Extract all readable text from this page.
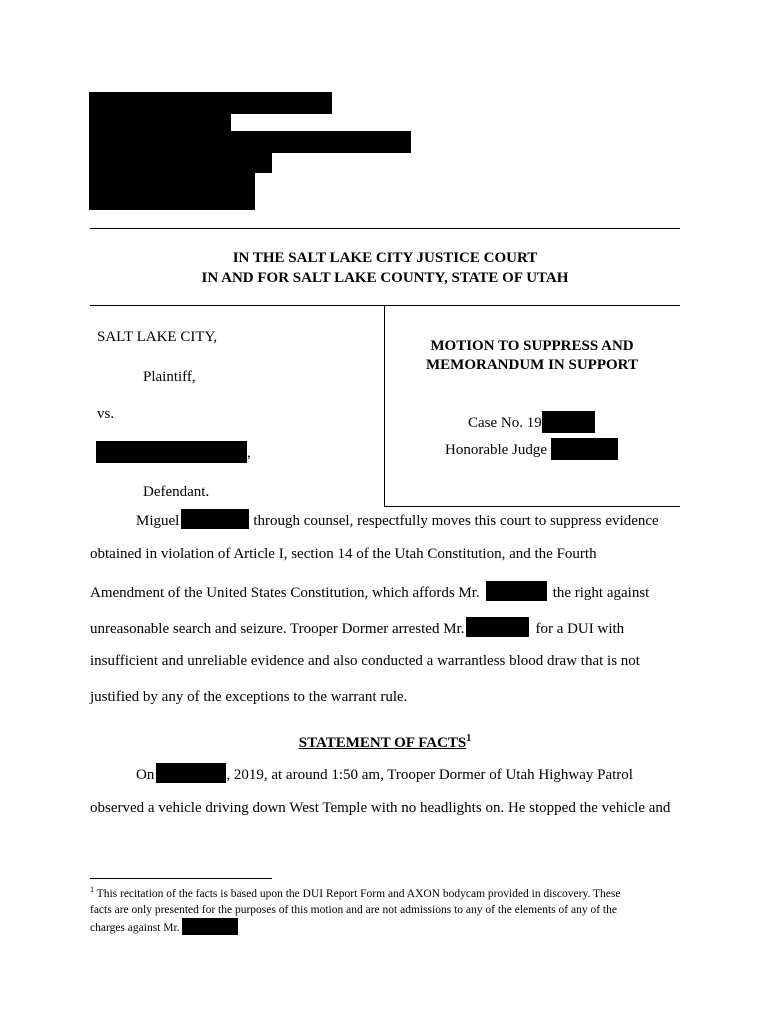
IN THE SALT LAKE CITY JUSTICE COURT
IN AND FOR SALT LAKE COUNTY, STATE OF UTAH
SALT LAKE CITY,
Plaintiff,
vs.
,
Defendant.
MOTION TO SUPPRESS AND
MEMORANDUM IN SUPPORT
Case No. 19
Honorable Judge
Miguel	through counsel, respectfully moves this court to suppress evidence
obtained in violation of Article I, section 14 of the Utah Constitution, and the Fourth
Amendment of the United States Constitution, which affords Mr.	the right against
unreasonable search and seizure. Trooper Dormer arrested Mr.	for a DUI with
insufficient and unreliable evidence and also conducted a warrantless blood draw that is not
justified by any of the exceptions to the warrant rule.
STATEMENT OF FACTS$^1$
On	, 2019, at around 1:50 am, Trooper Dormer of Utah Highway Patrol
observed a vehicle driving down West Temple with no headlights on. He stopped the vehicle and
$^1$ This recitation of the facts is based upon the DUI Report Form and AXON bodycam provided in discovery. These
facts are only presented for the purposes of this motion and are not admissions to any of the elements of any of the
charges against Mr.
